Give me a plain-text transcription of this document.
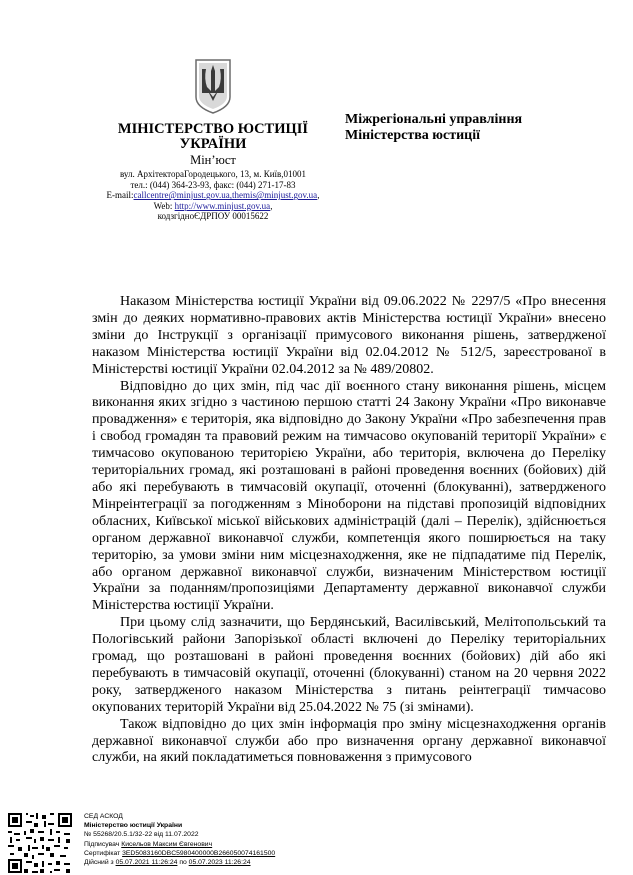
МІНІСТЕРСТВО ЮСТИЦІЇ
УКРАЇНИ
Мін’юст
вул. АрхітектораГородецького, 13, м. Київ,01001
тел.: (044) 364-23-93, факс: (044) 271-17-83
E-mail:callcentre@minjust.gov.ua,themis@minjust.gov.ua,
Web: http://www.minjust.gov.ua,
кодзгідноЄДРПОУ 00015622
Міжрегіональні управління
Міністерства юстиції

Наказом Міністерства юстиції України від 09.06.2022 № 2297/5 «Про внесення змін до деяких нормативно-правових актів Міністерства юстиції України» внесено зміни до Інструкції з організації примусового виконання рішень, затвердженої наказом Міністерства юстиції України від 02.04.2012 № 512/5, зареєстрованої в Міністерстві юстиції України 02.04.2012 за № 489/20802.

Відповідно до цих змін, під час дії воєнного стану виконання рішень, місцем виконання яких згідно з частиною першою статті 24 Закону України «Про виконавче провадження» є територія, яка відповідно до Закону України «Про забезпечення прав і свобод громадян та правовий режим на тимчасово окупованій території України» є тимчасово окупованою територією України, або територія, включена до Переліку територіальних громад, які розташовані в районі проведення воєнних (бойових) дій або які перебувають в тимчасовій окупації, оточенні (блокуванні), затвердженого Мінреінтеграції за погодженням з Міноборони на підставі пропозицій відповідних обласних, Київської міської військових адміністрацій (далі – Перелік), здійснюється органом державної виконавчої служби, компетенція якого поширюється на таку територію, за умови зміни ним місцезнаходження, яке не підпадатиме під Перелік, або органом державної виконавчої служби, визначеним Міністерством юстиції України за поданням/пропозиціями Департаменту державної виконавчої служби Міністерства юстиції України.

При цьому слід зазначити, що Бердянський, Василівський, Мелітопольський та Пологівський райони Запорізької області включені до Переліку територіальних громад, що розташовані в районі проведення воєнних (бойових) дій або які перебувають в тимчасовій окупації, оточенні (блокуванні) станом на 20 червня 2022 року, затвердженого наказом Міністерства з питань реінтеграції тимчасово окупованих територій України від 25.04.2022 № 75 (зі змінами).

Також відповідно до цих змін інформація про зміну місцезнаходження органів державної виконавчої служби або про визначення органу державної виконавчої служби, на який покладатиметься повноваження з примусового

СЕД АСКОД
Міністерство юстиції України
№ 55268/20.5.1/32-22 від 11.07.2022
Підписувач Кисельов Максим Євгенович
Сертифікат 3ED5083160DBC5980400000B266050074161500
Дійсний з 05.07.2021 11:26:24 по 05.07.2023 11:26:24
